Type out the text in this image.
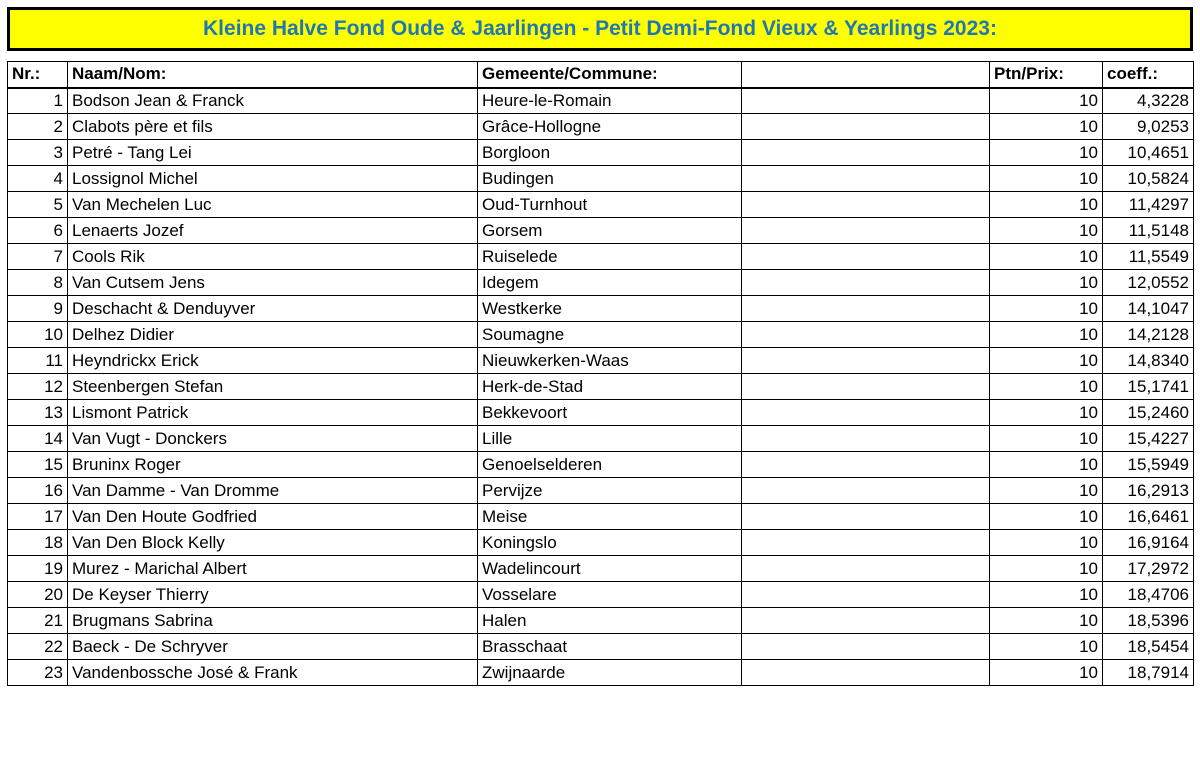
Kleine Halve Fond Oude & Jaarlingen - Petit Demi-Fond Vieux & Yearlings 2023:
Nr.:	Naam/Nom:	Gemeente/Commune:		Ptn/Prix:	coeff.:
1	Bodson Jean & Franck	Heure-le-Romain		10	4,3228
2	Clabots père et fils	Grâce-Hollogne		10	9,0253
3	Petré - Tang Lei	Borgloon		10	10,4651
4	Lossignol Michel	Budingen		10	10,5824
5	Van Mechelen Luc	Oud-Turnhout		10	11,4297
6	Lenaerts Jozef	Gorsem		10	11,5148
7	Cools Rik	Ruiselede		10	11,5549
8	Van Cutsem Jens	Idegem		10	12,0552
9	Deschacht & Denduyver	Westkerke		10	14,1047
10	Delhez Didier	Soumagne		10	14,2128
11	Heyndrickx Erick	Nieuwkerken-Waas		10	14,8340
12	Steenbergen Stefan	Herk-de-Stad		10	15,1741
13	Lismont Patrick	Bekkevoort		10	15,2460
14	Van Vugt - Donckers	Lille		10	15,4227
15	Bruninx Roger	Genoelselderen		10	15,5949
16	Van Damme - Van Dromme	Pervijze		10	16,2913
17	Van Den Houte Godfried	Meise		10	16,6461
18	Van Den Block Kelly	Koningslo		10	16,9164
19	Murez - Marichal Albert	Wadelincourt		10	17,2972
20	De Keyser Thierry	Vosselare		10	18,4706
21	Brugmans Sabrina	Halen		10	18,5396
22	Baeck - De Schryver	Brasschaat		10	18,5454
23	Vandenbossche José & Frank	Zwijnaarde		10	18,7914
